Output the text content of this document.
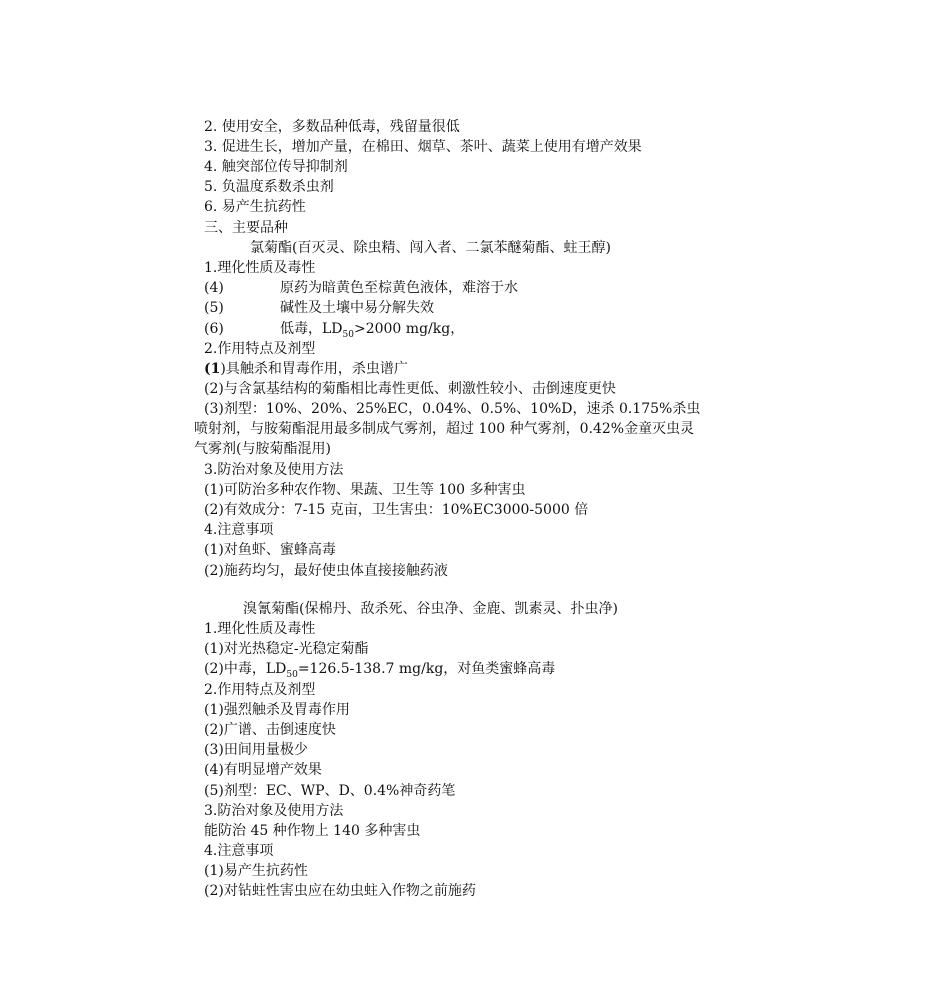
2. 使用安全，多数品种低毒，残留量很低
3. 促进生长，增加产量，在棉田、烟草、茶叶、蔬菜上使用有增产效果
4. 触突部位传导抑制剂
5. 负温度系数杀虫剂
6. 易产生抗药性
三、主要品种
氯菊酯(百灭灵、除虫精、闯入者、二氯苯醚菊酯、蛀王醇)
1.理化性质及毒性
(4)	原药为暗黄色至棕黄色液体，难溶于水
(5)	碱性及土壤中易分解失效
(6)	低毒，$LD_{50}>2000$ mg/kg，
2.作用特点及剂型
(1)具触杀和胃毒作用，杀虫谱广
(2)与含氯基结构的菊酯相比毒性更低、刺激性较小、击倒速度更快
(3)剂型：10%、20%、25%EC，0.04%、0.5%、10%D，速杀 0.175%杀虫喷射剂，与胺菊酯混用最多制成气雾剂，超过 100 种气雾剂，0.42%金童灭虫灵气雾剂(与胺菊酯混用)
3.防治对象及使用方法
(1)可防治多种农作物、果蔬、卫生等 100 多种害虫
(2)有效成分：7-15 克亩，卫生害虫：10%EC3000-5000 倍
4.注意事项
(1)对鱼虾、蜜蜂高毒
(2)施药均匀，最好使虫体直接接触药液
溴氰菊酯(保棉丹、敌杀死、谷虫净、金鹿、凯素灵、扑虫净)
1.理化性质及毒性
(1)对光热稳定-光稳定菊酯
(2)中毒，$LD_{50}=126.5-138.7$ mg/kg，对鱼类蜜蜂高毒
2.作用特点及剂型
(1)强烈触杀及胃毒作用
(2)广谱、击倒速度快
(3)田间用量极少
(4)有明显增产效果
(5)剂型：EC、WP、D、0.4%神奇药笔
3.防治对象及使用方法
能防治 45 种作物上 140 多种害虫
4.注意事项
(1)易产生抗药性
(2)对钻蛀性害虫应在幼虫蛀入作物之前施药
